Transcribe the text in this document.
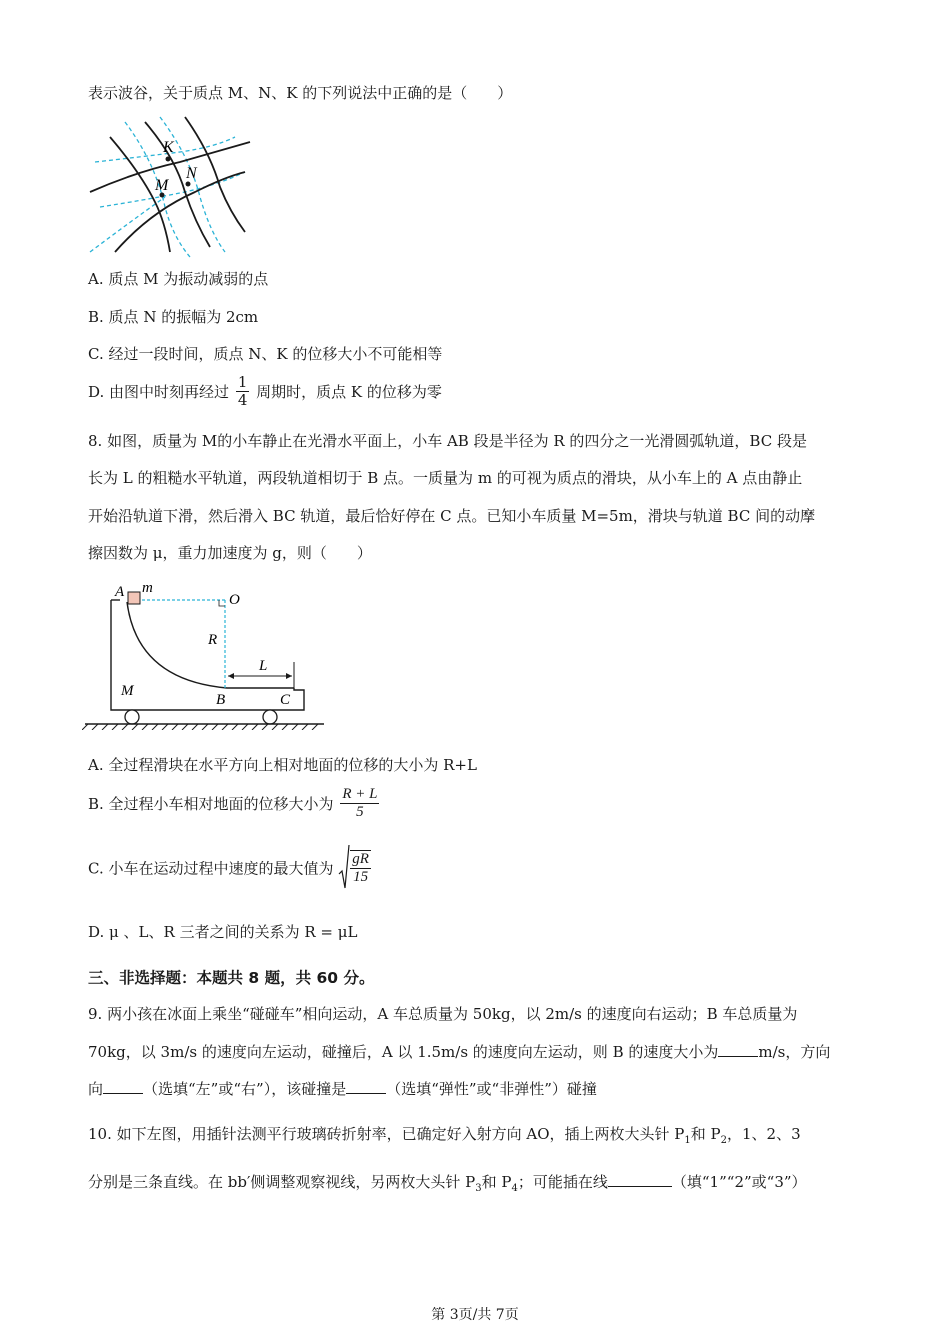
表示波谷，关于质点 M、N、K 的下列说法中正确的是（　　）
K
M
N
A. 质点 M 为振动减弱的点
B. 质点 N 的振幅为 2cm
C. 经过一段时间，质点 N、K 的位移大小不可能相等
D. 由图中时刻再经过 $\frac{1}{4}$ 周期时，质点 K 的位移为零
8. 如图，质量为 M的小车静止在光滑水平面上，小车 AB 段是半径为 R 的四分之一光滑圆弧轨道，BC 段是
长为 L 的粗糙水平轨道，两段轨道相切于 B 点。一质量为 m 的可视为质点的滑块，从小车上的 A 点由静止
开始沿轨道下滑，然后滑入 BC 轨道，最后恰好停在 C 点。已知小车质量 M=5m，滑块与轨道 BC 间的动摩
擦因数为 μ，重力加速度为 g，则（　　）
A m
O
R
L
M
B	C
A. 全过程滑块在水平方向上相对地面的位移的大小为 R+L
B. 全过程小车相对地面的位移大小为 $\frac{R + L}{5}$
C. 小车在运动过程中速度的最大值为 $\frac{gR}{15}$
D. μ 、L、R 三者之间的关系为 R = μL
三、非选择题：本题共 8 题，共 60 分。
9. 两小孩在冰面上乘坐“碰碰车”相向运动，A 车总质量为 50kg，以 2m/s 的速度向右运动；B 车总质量为
70kg，以 3m/s 的速度向左运动，碰撞后，A 以 1.5m/s 的速度向左运动，则 B 的速度大小为	m/s，方向
向	（选填“左”或“右”），该碰撞是	（选填“弹性”或“非弹性”）碰撞
10. 如下左图，用插针法测平行玻璃砖折射率，已确定好入射方向 AO，插上两枚大头针 $P_1$和 $P_2$，1、2、3
分别是三条直线。在 bb′侧调整观察视线，另两枚大头针 $P_3$和 $P_4$；可能插在线	（填“1”“2”或“3”）
第 3页/共 7页
